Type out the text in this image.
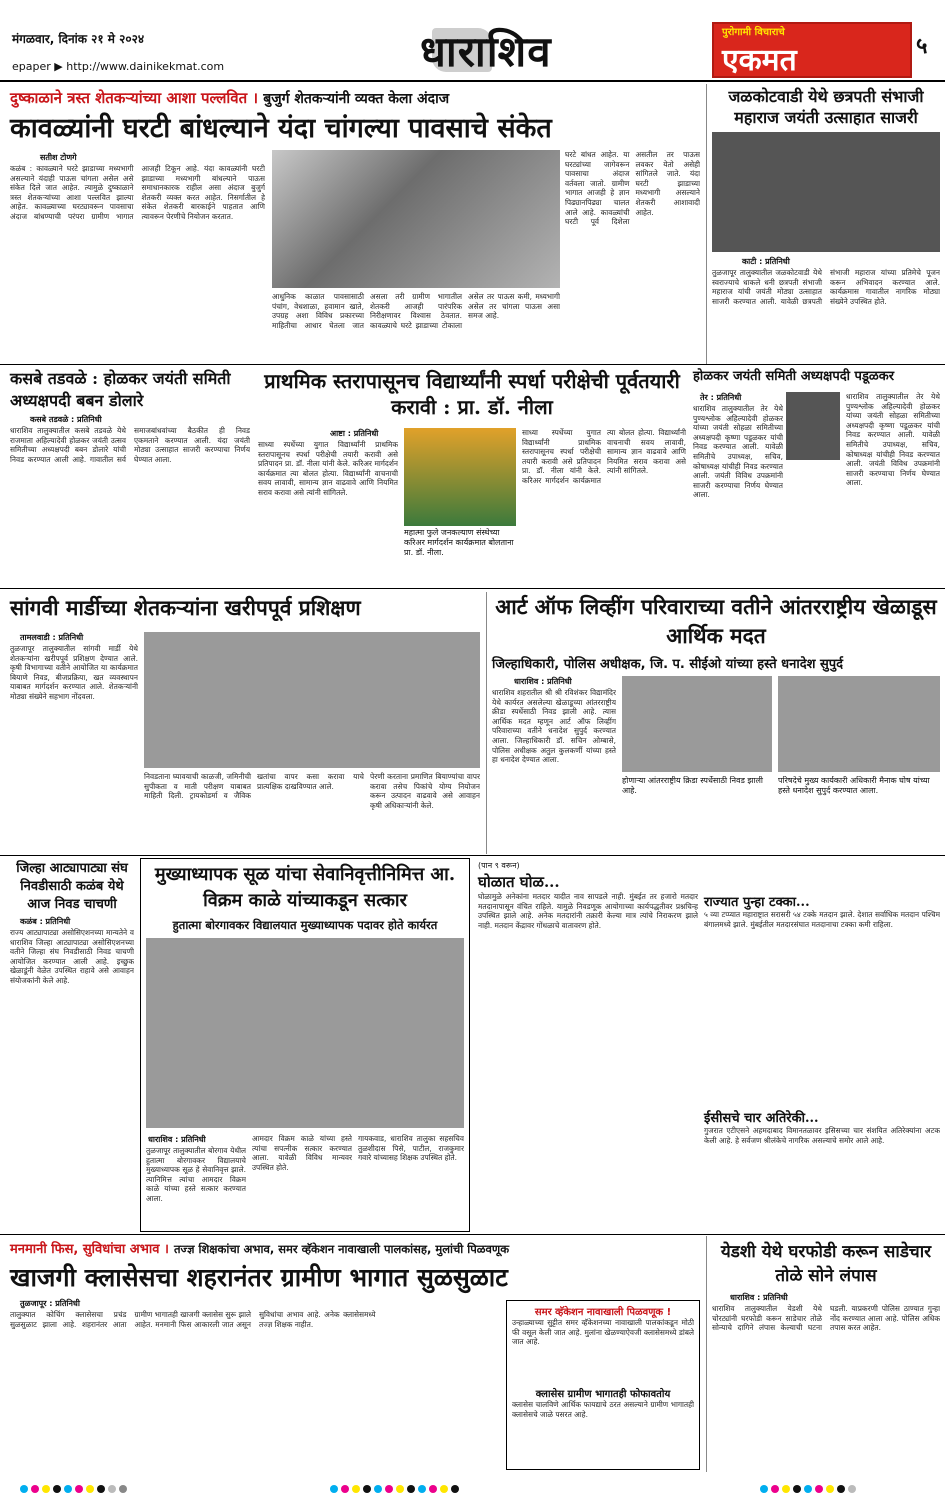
मंगळवार, दिनांक २१ मे २०२४
epaper ▶ http://www.dainikekmat.com	धाराशिव	पुरोगामी विचाराचे
एकमत	५
दुष्काळाने त्रस्त शेतकऱ्यांच्या आशा पल्लवित । बुजुर्ग शेतकऱ्यांनी व्यक्त केला अंदाज
कावळ्यांनी घरटी बांधल्याने यंदा चांगल्या पावसाचे संकेत
सतीश टोणगे
कळंब : कावळ्याने घरटे झाडाच्या मध्यभागी असल्याने यंदाही पाऊस चांगला असेल असे संकेत दिले जात आहेत. त्यामुळे दुष्काळाने त्रस्त शेतकऱ्यांच्या आशा पल्लवित झाल्या आहेत. कावळ्याच्या घरट्यावरून पावसाचा अंदाज बांधण्याची परंपरा ग्रामीण भागात आजही टिकून आहे. यंदा कावळ्यांनी घरटी झाडाच्या मध्यभागी बांधल्याने पाऊस समाधानकारक राहील असा अंदाज बुजुर्ग शेतकरी व्यक्त करत आहेत. निसर्गातील हे संकेत शेतकरी बारकाईने पाहतात आणि त्यावरून पेरणीचे नियोजन करतात.
आधुनिक काळात पावसासाठी पंचांग, वेधशाळा, हवामान खाते, उपग्रह अशा विविध प्रकारच्या माहितीचा आधार घेतला जात असला तरी ग्रामीण भागातील शेतकरी आजही पारंपरिक निरीक्षणावर विश्वास ठेवतात. कावळ्याचे घरटे झाडाच्या टोकाला असेल तर पाऊस कमी, मध्यभागी असेल तर चांगला पाऊस असा समज आहे.
घरटे बांधत आहेत. या घरट्यांच्या जागेवरून पावसाचा अंदाज वर्तवला जातो. ग्रामीण भागात आजही हे ज्ञान पिढ्यानपिढ्या चालत आले आहे. कावळ्यांची घरटी पूर्व दिशेला असतील तर पाऊस लवकर येतो असेही सांगितले जाते. यंदा घरटी झाडाच्या मध्यभागी असल्याने शेतकरी आशावादी आहेत.
जळकोटवाडी येथे छत्रपती संभाजी महाराज जयंती उत्साहात साजरी
काटी : प्रतिनिधी
तुळजापूर तालुक्यातील जळकोटवाडी येथे स्वराज्याचे धाकले धनी छत्रपती संभाजी महाराज यांची जयंती मोठ्या उत्साहात साजरी करण्यात आली. यावेळी छत्रपती संभाजी महाराज यांच्या प्रतिमेचे पूजन करून अभिवादन करण्यात आले. कार्यक्रमास गावातील नागरिक मोठ्या संख्येने उपस्थित होते.
कसबे तडवळे : होळकर जयंती समिती अध्यक्षपदी बबन डोलारे
कसबे तडवळे : प्रतिनिधी
धाराशिव तालुक्यातील कसबे तडवळे येथे राजमाता अहिल्यादेवी होळकर जयंती उत्सव समितीच्या अध्यक्षपदी बबन डोलारे यांची निवड करण्यात आली आहे. गावातील सर्व समाजबांधवांच्या बैठकीत ही निवड एकमताने करण्यात आली. यंदा जयंती मोठ्या उत्साहात साजरी करण्याचा निर्णय घेण्यात आला.
प्राथमिक स्तरापासूनच विद्यार्थ्यांनी स्पर्धा परीक्षेची पूर्वतयारी करावी : प्रा. डॉ. नीला
आष्टा : प्रतिनिधी
साध्या स्पर्धेच्या युगात विद्यार्थ्यांनी प्राथमिक स्तरापासूनच स्पर्धा परीक्षेची तयारी करावी असे प्रतिपादन प्रा. डॉ. नीला यांनी केले. करिअर मार्गदर्शन कार्यक्रमात त्या बोलत होत्या. विद्यार्थ्यांनी वाचनाची सवय लावावी, सामान्य ज्ञान वाढवावे आणि नियमित सराव करावा असे त्यांनी सांगितले.
महात्मा फुले जनकल्याण संस्थेच्या करिअर मार्गदर्शन कार्यक्रमात बोलताना प्रा. डॉ. नीला.
साध्या स्पर्धेच्या युगात विद्यार्थ्यांनी प्राथमिक स्तरापासूनच स्पर्धा परीक्षेची तयारी करावी असे प्रतिपादन प्रा. डॉ. नीला यांनी केले. करिअर मार्गदर्शन कार्यक्रमात त्या बोलत होत्या. विद्यार्थ्यांनी वाचनाची सवय लावावी, सामान्य ज्ञान वाढवावे आणि नियमित सराव करावा असे त्यांनी सांगितले.
होळकर जयंती समिती अध्यक्षपदी पडूळकर
तेर : प्रतिनिधी
धाराशिव तालुक्यातील तेर येथे पुण्यश्लोक अहिल्यादेवी होळकर यांच्या जयंती सोहळा समितीच्या अध्यक्षपदी कृष्णा पडूळकर यांची निवड करण्यात आली. यावेळी समितीचे उपाध्यक्ष, सचिव, कोषाध्यक्ष यांचीही निवड करण्यात आली. जयंती विविध उपक्रमांनी साजरी करण्याचा निर्णय घेण्यात आला.
धाराशिव तालुक्यातील तेर येथे पुण्यश्लोक अहिल्यादेवी होळकर यांच्या जयंती सोहळा समितीच्या अध्यक्षपदी कृष्णा पडूळकर यांची निवड करण्यात आली. यावेळी समितीचे उपाध्यक्ष, सचिव, कोषाध्यक्ष यांचीही निवड करण्यात आली. जयंती विविध उपक्रमांनी साजरी करण्याचा निर्णय घेण्यात आला.
सांगवी मार्डीच्या शेतकऱ्यांना खरीपपूर्व प्रशिक्षण
तामलवाडी : प्रतिनिधी
तुळजापूर तालुक्यातील सांगवी मार्डी येथे शेतकऱ्यांना खरीपपूर्व प्रशिक्षण देण्यात आले. कृषी विभागाच्या वतीने आयोजित या कार्यक्रमात बियाणे निवड, बीजप्रक्रिया, खत व्यवस्थापन याबाबत मार्गदर्शन करण्यात आले. शेतकऱ्यांनी मोठ्या संख्येने सहभाग नोंदवला.
निवडताना घ्यावयाची काळजी, जमिनीची सुपीकता व माती परीक्षण याबाबत माहिती दिली. ट्रायकोडर्मा व जैविक खतांचा वापर कसा करावा याचे प्रात्यक्षिक दाखविण्यात आले.
पेरणी करताना प्रमाणित बियाण्यांचा वापर करावा तसेच पिकांचे योग्य नियोजन करून उत्पादन वाढवावे असे आवाहन कृषी अधिकाऱ्यांनी केले.
आर्ट ऑफ लिव्हींग परिवाराच्या वतीने आंतरराष्ट्रीय खेळाडूस आर्थिक मदत
जिल्हाधिकारी, पोलिस अधीक्षक, जि. प. सीईओ यांच्या हस्ते धनादेश सुपुर्द
धाराशिव : प्रतिनिधी
धाराशिव शहरातील श्री श्री रविशंकर विद्यामंदिर येथे कार्यरत असलेल्या खेळाडूच्या आंतरराष्ट्रीय क्रीडा स्पर्धेसाठी निवड झाली आहे. त्यास आर्थिक मदत म्हणून आर्ट ऑफ लिव्हींग परिवाराच्या वतीने धनादेश सुपुर्द करण्यात आला. जिल्हाधिकारी डॉ. सचिन ओम्बासे, पोलिस अधीक्षक अतुल कुलकर्णी यांच्या हस्ते हा धनादेश देण्यात आला.
होणाऱ्या आंतरराष्ट्रीय क्रिडा स्पर्धेसाठी निवड झाली आहे.
परिषदेचे मुख्य कार्यकारी अधिकारी मैनाक घोष यांच्या हस्ते धनादेश सुपुर्द करण्यात आला.
जिल्हा आट्यापाट्या संघ निवडीसाठी कळंब येथे आज निवड चाचणी
कळंब : प्रतिनिधी
राज्य आट्यापाट्या असोसिएशनच्या मान्यतेने व धाराशिव जिल्हा आट्यापाट्या असोसिएशनच्या वतीने जिल्हा संघ निवडीसाठी निवड चाचणी आयोजित करण्यात आली आहे. इच्छुक खेळाडूंनी वेळेत उपस्थित राहावे असे आवाहन संयोजकांनी केले आहे.
मुख्याध्यापक सूळ यांचा सेवानिवृत्तीनिमित्त आ. विक्रम काळे यांच्याकडून सत्कार
हुतात्मा बोरगावकर विद्यालयात मुख्याध्यापक पदावर होते कार्यरत
धाराशिव : प्रतिनिधी
तुळजापूर तालुक्यातील बोरगाव येथील हुतात्मा बोरगावकर विद्यालयाचे मुख्याध्यापक सूळ हे सेवानिवृत्त झाले. त्यानिमित्त त्यांचा आमदार विक्रम काळे यांच्या हस्ते सत्कार करण्यात आला.
आमदार विक्रम काळे यांच्या हस्ते त्यांचा सपत्नीक सत्कार करण्यात आला. यावेळी विविध मान्यवर उपस्थित होते.
गायकवाड, धाराशिव तालुका सहसचिव तुळशीदास पिसे, पाटील, राजकुमार गवारे यांच्यासह शिक्षक उपस्थित होते.
(पान ९ वरून)
घोळात घोळ...
घोळामुळे अनेकांना मतदार यादीत नाव सापडले नाही. मुंबईत तर हजारो मतदार मतदानापासून वंचित राहिले. यामुळे निवडणूक आयोगाच्या कार्यपद्धतीवर प्रश्नचिन्ह उपस्थित झाले आहे. अनेक मतदारांनी तक्रारी केल्या मात्र त्यांचे निराकरण झाले नाही. मतदान केंद्रावर गोंधळाचे वातावरण होते.
राज्यात पुन्हा टक्का...
५ व्या टप्प्यात महाराष्ट्रात सरासरी ५४ टक्के मतदान झाले. देशात सर्वाधिक मतदान पश्चिम बंगालमध्ये झाले. मुंबईतील मतदारसंघात मतदानाचा टक्का कमी राहिला.
ईसीसचे चार अतिरेकी...
गुजरात एटीएसने अहमदाबाद विमानतळावर इसिसच्या चार संशयित अतिरेक्यांना अटक केली आहे. हे सर्वजण श्रीलंकेचे नागरिक असल्याचे समोर आले आहे.
मनमानी फिस, सुविधांचा अभाव । तज्ज्ञ शिक्षकांचा अभाव, समर व्हॅकेशन नावाखाली पालकांसह, मुलांची पिळवणूक
खाजगी क्लासेसचा शहरानंतर ग्रामीण भागात सुळसुळाट
तुळजापूर : प्रतिनिधी
तालुक्यात कोचिंग क्लासेसचा प्रचंड सुळसुळाट झाला आहे. शहरानंतर आता ग्रामीण भागातही खाजगी क्लासेस सुरू झाले आहेत. मनमानी फिस आकारली जात असून सुविधांचा अभाव आहे. अनेक क्लासेसमध्ये तज्ज्ञ शिक्षक नाहीत.
समर व्हॅकेशन नावाखाली पिळवणूक !
उन्हाळ्याच्या सुट्टीत समर व्हॅकेशनच्या नावाखाली पालकांकडून मोठी फी वसूल केली जात आहे. मुलांना खेळण्याऐवजी क्लासेसमध्ये डांबले जात आहे.
क्लासेस ग्रामीण भागातही फोफावतोय
क्लासेस चालविणे आर्थिक फायद्याचे ठरत असल्याने ग्रामीण भागातही क्लासेसचे जाळे पसरत आहे.
येडशी येथे घरफोडी करून साडेचार तोळे सोने लंपास
धाराशिव : प्रतिनिधी
धाराशिव तालुक्यातील येडशी येथे चोरट्यांनी घरफोडी करून साडेचार तोळे सोन्याचे दागिने लंपास केल्याची घटना घडली. याप्रकरणी पोलिस ठाण्यात गुन्हा नोंद करण्यात आला आहे. पोलिस अधिक तपास करत आहेत.
